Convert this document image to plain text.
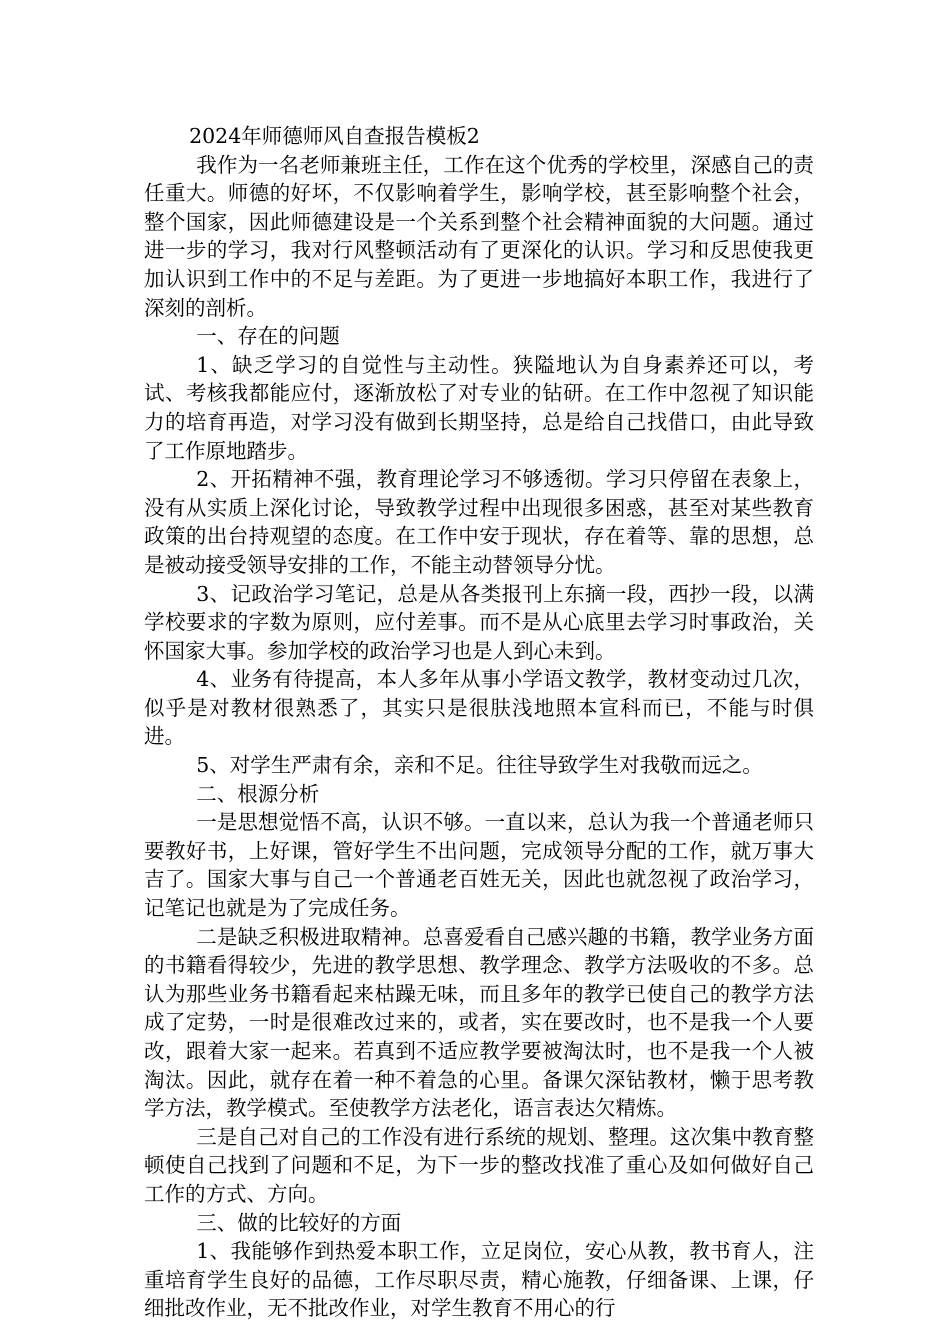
2024年师德师风自查报告模板2

我作为一名老师兼班主任，工作在这个优秀的学校里，深感自己的责任重大。师德的好坏，不仅影响着学生，影响学校，甚至影响整个社会，整个国家，因此师德建设是一个关系到整个社会精神面貌的大问题。通过进一步的学习，我对行风整顿活动有了更深化的认识。学习和反思使我更加认识到工作中的不足与差距。为了更进一步地搞好本职工作，我进行了深刻的剖析。

一、存在的问题

1、缺乏学习的自觉性与主动性。狭隘地认为自身素养还可以，考试、考核我都能应付，逐渐放松了对专业的钻研。在工作中忽视了知识能力的培育再造，对学习没有做到长期坚持，总是给自己找借口，由此导致了工作原地踏步。

2、开拓精神不强，教育理论学习不够透彻。学习只停留在表象上，没有从实质上深化讨论，导致教学过程中出现很多困惑，甚至对某些教育政策的出台持观望的态度。在工作中安于现状，存在着等、靠的思想，总是被动接受领导安排的工作，不能主动替领导分忧。

3、记政治学习笔记，总是从各类报刊上东摘一段，西抄一段，以满学校要求的字数为原则，应付差事。而不是从心底里去学习时事政治，关怀国家大事。参加学校的政治学习也是人到心未到。

4、业务有待提高，本人多年从事小学语文教学，教材变动过几次，似乎是对教材很熟悉了，其实只是很肤浅地照本宣科而已，不能与时俱进。

5、对学生严肃有余，亲和不足。往往导致学生对我敬而远之。

二、根源分析

一是思想觉悟不高，认识不够。一直以来，总认为我一个普通老师只要教好书，上好课，管好学生不出问题，完成领导分配的工作，就万事大吉了。国家大事与自己一个普通老百姓无关，因此也就忽视了政治学习，记笔记也就是为了完成任务。

二是缺乏积极进取精神。总喜爱看自己感兴趣的书籍，教学业务方面的书籍看得较少，先进的教学思想、教学理念、教学方法吸收的不多。总认为那些业务书籍看起来枯躁无味，而且多年的教学已使自己的教学方法成了定势，一时是很难改过来的，或者，实在要改时，也不是我一个人要改，跟着大家一起来。若真到不适应教学要被淘汰时，也不是我一个人被淘汰。因此，就存在着一种不着急的心里。备课欠深钻教材，懒于思考教学方法，教学模式。至使教学方法老化，语言表达欠精炼。

三是自己对自己的工作没有进行系统的规划、整理。这次集中教育整顿使自己找到了问题和不足，为下一步的整改找准了重心及如何做好自己工作的方式、方向。

三、做的比较好的方面

1、我能够作到热爱本职工作，立足岗位，安心从教，教书育人，注重培育学生良好的品德，工作尽职尽责，精心施教，仔细备课、上课，仔细批改作业，无不批改作业，对学生教育不用心的行
